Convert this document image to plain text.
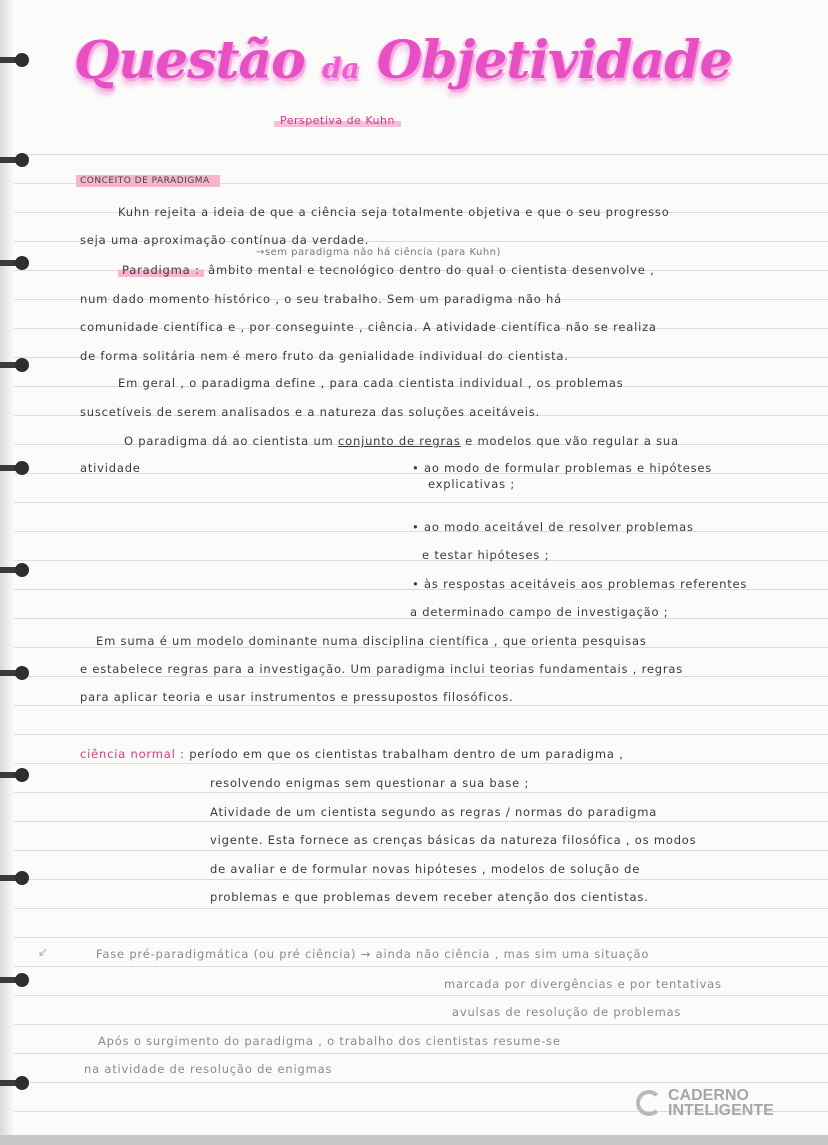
Questão da Objetividade
Perspetiva de Kuhn
CONCEITO DE PARADIGMA
Kuhn rejeita a ideia de que a ciência seja totalmente objetiva e que o seu progresso
seja uma aproximação contínua da verdade.
→sem paradigma não há ciência (para Kuhn)
Paradigma : âmbito mental e tecnológico dentro do qual o cientista desenvolve ,
num dado momento histórico , o seu trabalho. Sem um paradigma não há
comunidade científica e , por conseguinte , ciência. A atividade científica não se realiza
de forma solitária nem é mero fruto da genialidade individual do cientista.
Em geral , o paradigma define , para cada cientista individual , os problemas
suscetíveis de serem analisados e a natureza das soluções aceitáveis.
O paradigma dá ao cientista um conjunto de regras e modelos que vão regular a sua
atividade	• ao modo de formular problemas e hipóteses
explicativas ;
• ao modo aceitável de resolver problemas
e testar hipóteses ;
• às respostas aceitáveis aos problemas referentes
a determinado campo de investigação ;
Em suma é um modelo dominante numa disciplina científica , que orienta pesquisas
e estabelece regras para a investigação. Um paradigma inclui teorias fundamentais , regras
para aplicar teoria e usar instrumentos e pressupostos filosóficos.
ciência normal : período em que os cientistas trabalham dentro de um paradigma ,
resolvendo enigmas sem questionar a sua base ;
Atividade de um cientista segundo as regras / normas do paradigma
vigente. Esta fornece as crenças básicas da natureza filosófica , os modos
de avaliar e de formular novas hipóteses , modelos de solução de
problemas e que problemas devem receber atenção dos cientistas.
↙	Fase pré-paradigmática (ou pré ciência) → ainda não ciência , mas sim uma situação
marcada por divergências e por tentativas
avulsas de resolução de problemas
Após o surgimento do paradigma , o trabalho dos cientistas resume-se
na atividade de resolução de enigmas
CADERNO
INTELIGENTE
